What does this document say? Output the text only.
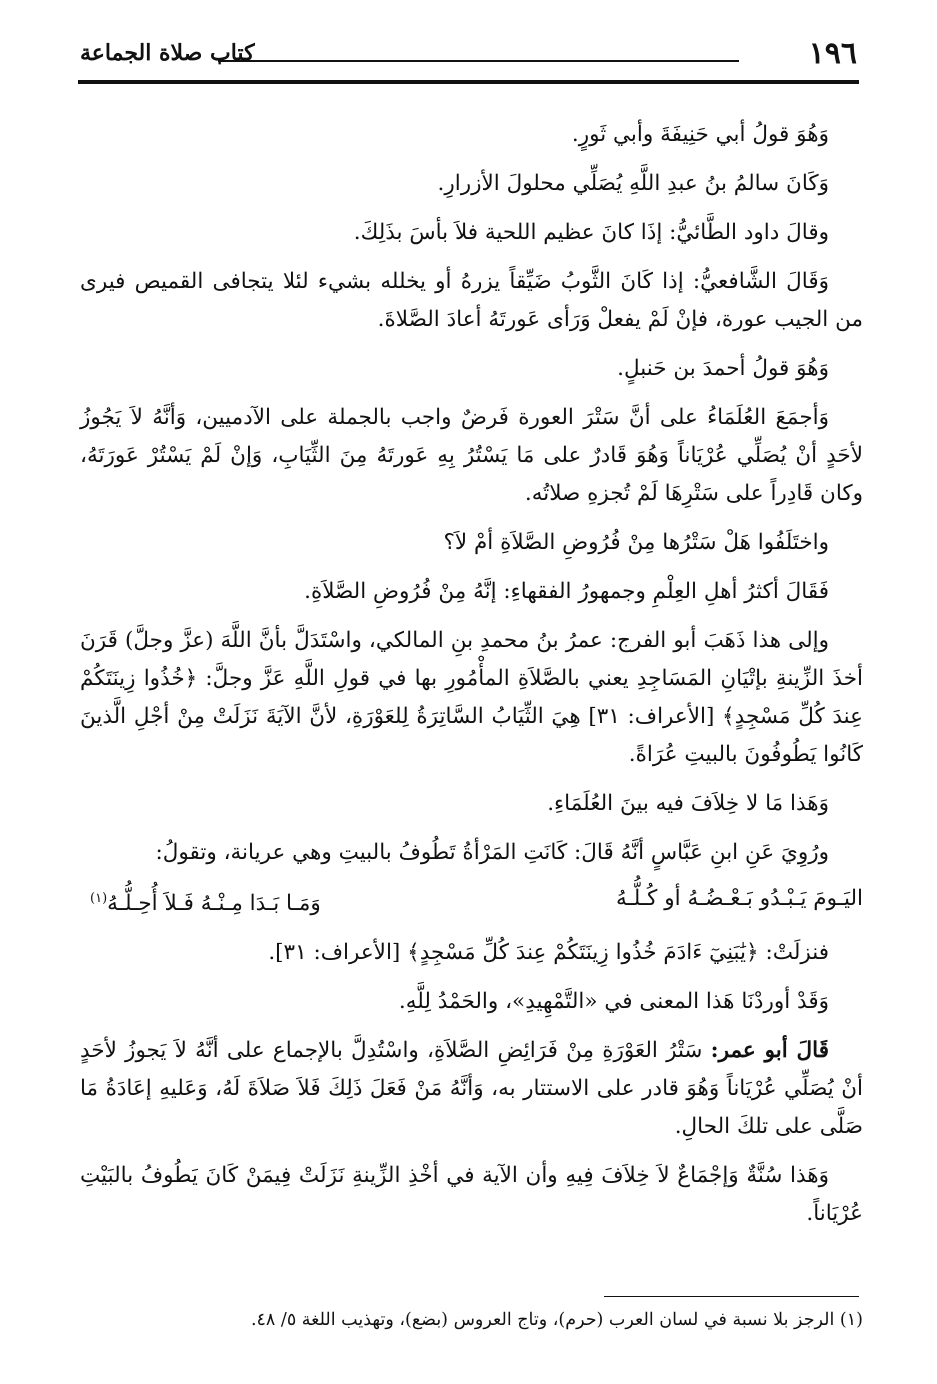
١٩٦
كتاب صلاة الجماعة

وَهُوَ قولُ أبي حَنِيفَةَ وأبي ثَورٍ.

وَكَانَ سالمُ بنُ عبدِ اللَّهِ يُصَلِّي محلولَ الأزرارِ.

وقالَ داود الطَّائيُّ: إذَا كانَ عظيم اللحية فلاَ بأسَ بذَلِكَ.

وَقَالَ الشَّافعيُّ: إذا كَانَ الثَّوبُ ضَيِّقاً يزرهُ أو يخلله بشيء لئلا يتجافى القميص فيرى من الجيب عورة، فإنْ لَمْ يفعلْ وَرَأى عَورتَهُ أعادَ الصَّلاةَ.

وَهُوَ قولُ أحمدَ بن حَنبلٍ.

وَأجمَعَ العُلَمَاءُ على أنَّ سَتْرَ العورة فَرضٌ واجب بالجملة على الآدميين، وَأنَّهُ لاَ يَجُوزُ لأحَدٍ أنْ يُصَلِّي عُرْيَاناً وَهُوَ قَادرٌ على مَا يَسْتُرُ بِهِ عَورتَهُ مِنَ الثِّيَابِ، وَإنْ لَمْ يَسْتُرْ عَورَتَهُ، وكان قَادِراً على سَتْرِهَا لَمْ تُجزهِ صلاتُه.

واختَلَفُوا هَلْ سَتْرُها مِنْ فُرُوضِ الصَّلاَةِ أمْ لاَ؟

فَقَالَ أكثرُ أهلِ العِلْمِ وجمهورُ الفقهاءِ: إنَّهُ مِنْ فُرُوضِ الصَّلاَةِ.

وإلى هذا ذَهَبَ أبو الفرج: عمرُ بنُ محمدِ بنِ المالكي، واسْتَدَلَّ بأنَّ اللَّهَ (عزَّ وجلَّ) قَرَنَ أخذَ الزِّينةِ بإتْيَانِ المَسَاجِدِ يعني بالصَّلاَةِ المأْمُورِ بها في قولِ اللَّهِ عَزَّ وجلَّ: ﴿خُذُوا زِينَتَكُمْ عِندَ كُلِّ مَسْجِدٍ﴾ [الأعراف: ٣١] هِيَ الثِّيَابُ السَّاتِرَةُ لِلعَوْرَةِ، لأنَّ الآيَةَ نَزَلَتْ مِنْ أجْلِ الَّذينَ كَانُوا يَطُوفُونَ بالبيتِ عُرَاةً.

وَهَذا مَا لا خِلاَفَ فيه بينَ العُلَمَاءِ.

ورُوِيَ عَنِ ابنِ عَبَّاسٍ أنَّهُ قَالَ: كَانَتِ المَرْأةُ تَطُوفُ بالبيتِ وهي عريانة، وتقولُ:

اليَـومَ يَـبْـدُو بَـعْـضُـهُ أو كُـلُّـهُ
وَمَـا بَـدَا مِـنْـهُ فَـلاَ أُحِـلُّـهُ$^{(١)}$

فنزلَتْ: ﴿يَٰبَنِيٓ ءَادَمَ خُذُوا زِينَتَكُمْ عِندَ كُلِّ مَسْجِدٍ﴾ [الأعراف: ٣١].

وَقَدْ أوردْنَا هَذا المعنى في «التَّمْهِيدِ»، والحَمْدُ لِلَّهِ.

قَالَ أبو عمر: سَتْرُ العَوْرَةِ مِنْ فَرَائِضِ الصَّلاَةِ، واسْتُدِلَّ بالإجماع على أنَّهُ لاَ يَجوزُ لأحَدٍ أنْ يُصَلِّي عُرْيَاناً وَهُوَ قادر على الاستتار به، وَأنَّهُ مَنْ فَعَلَ ذَلِكَ فَلاَ صَلاَةَ لَهُ، وَعَليهِ إعَادَةُ مَا صَلَّى على تلكَ الحالِ.

وَهَذا سُنَّةٌ وَإجْمَاعٌ لاَ خِلاَفَ فِيهِ وأن الآية في أخْذِ الزِّينةِ نَزَلَتْ فِيمَنْ كَانَ يَطُوفُ بالبَيْتِ عُرْيَاناً.

(١) الرجز بلا نسبة في لسان العرب (حرم)، وتاج العروس (بضع)، وتهذيب اللغة ٥/ ٤٨.
